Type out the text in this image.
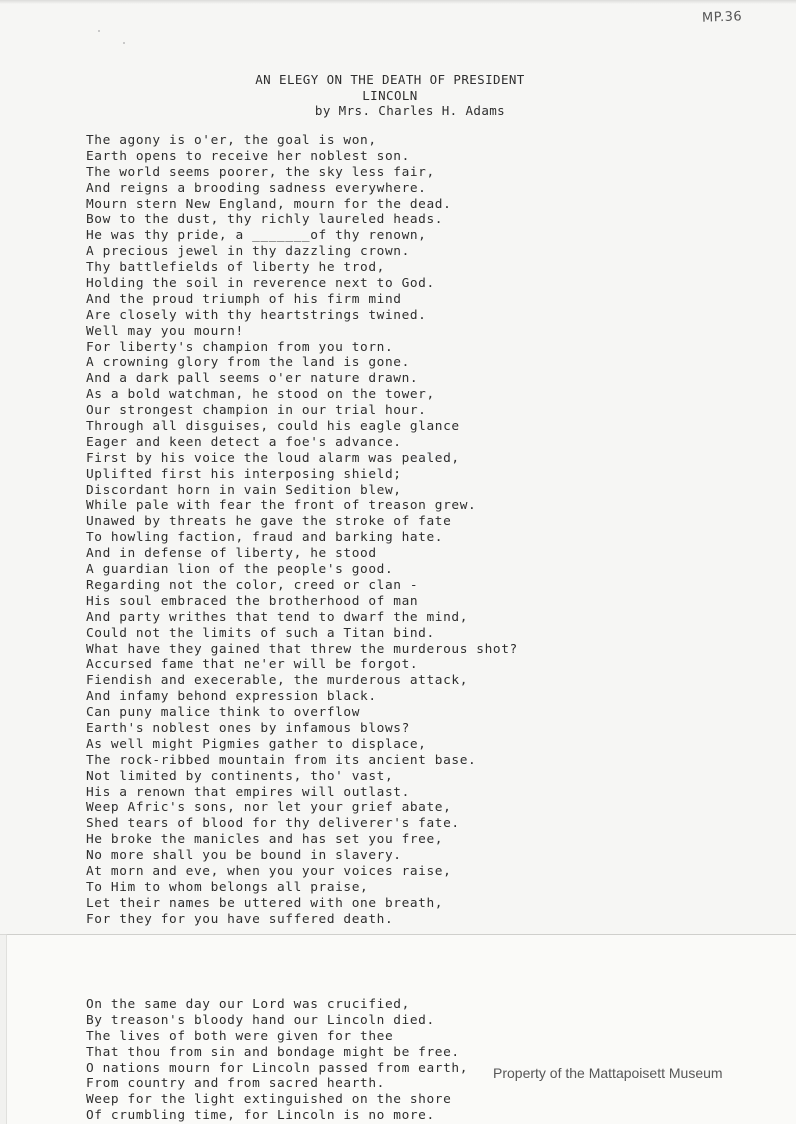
MP.36
AN ELEGY ON THE DEATH OF PRESIDENT
LINCOLN
by Mrs. Charles H. Adams
The agony is o'er, the goal is won,
Earth opens to receive her noblest son.
The world seems poorer, the sky less fair,
And reigns a brooding sadness everywhere.
Mourn stern New England, mourn for the dead.
Bow to the dust, thy richly laureled heads.
He was thy pride, a _______of thy renown,
A precious jewel in thy dazzling crown.
Thy battlefields of liberty he trod,
Holding the soil in reverence next to God.
And the proud triumph of his firm mind
Are closely with thy heartstrings twined.
Well may you mourn!
For liberty's champion from you torn.
A crowning glory from the land is gone.
And a dark pall seems o'er nature drawn.
As a bold watchman, he stood on the tower,
Our strongest champion in our trial hour.
Through all disguises, could his eagle glance
Eager and keen detect a foe's advance.
First by his voice the loud alarm was pealed,
Uplifted first his interposing shield;
Discordant horn in vain Sedition blew,
While pale with fear the front of treason grew.
Unawed by threats he gave the stroke of fate
To howling faction, fraud and barking hate.
And in defense of liberty, he stood
A guardian lion of the people's good.
Regarding not the color, creed or clan -
His soul embraced the brotherhood of man
And party writhes that tend to dwarf the mind,
Could not the limits of such a Titan bind.
What have they gained that threw the murderous shot?
Accursed fame that ne'er will be forgot.
Fiendish and execerable, the murderous attack,
And infamy behond expression black.
Can puny malice think to overflow
Earth's noblest ones by infamous blows?
As well might Pigmies gather to displace,
The rock-ribbed mountain from its ancient base.
Not limited by continents, tho' vast,
His a renown that empires will outlast.
Weep Afric's sons, nor let your grief abate,
Shed tears of blood for thy deliverer's fate.
He broke the manicles and has set you free,
No more shall you be bound in slavery.
At morn and eve, when you your voices raise,
To Him to whom belongs all praise,
Let their names be uttered with one breath,
For they for you have suffered death.
On the same day our Lord was crucified,
By treason's bloody hand our Lincoln died.
The lives of both were given for thee
That thou from sin and bondage might be free.
O nations mourn for Lincoln passed from earth,
From country and from sacred hearth.
Weep for the light extinguished on the shore
Of crumbling time, for Lincoln is no more.
Property of the Mattapoisett Museum
